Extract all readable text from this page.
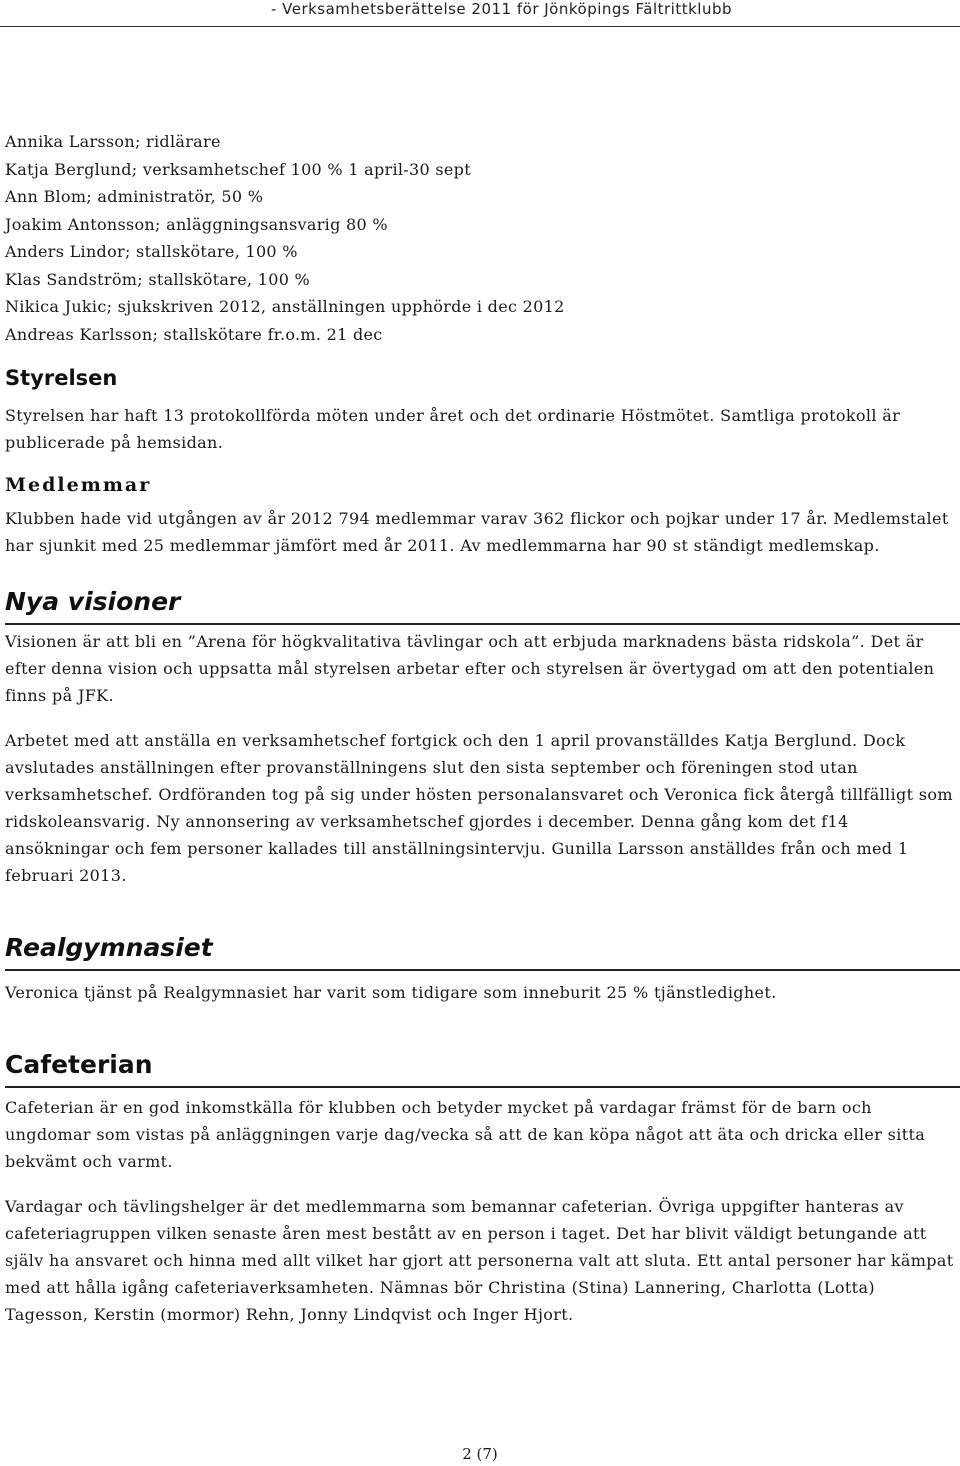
- Verksamhetsberättelse 2011 för Jönköpings Fältrittklubb
Annika Larsson; ridlärare
Katja Berglund; verksamhetschef 100 % 1 april-30 sept
Ann Blom; administratör, 50 %
Joakim Antonsson; anläggningsansvarig 80 %
Anders Lindor; stallskötare, 100 %
Klas Sandström; stallskötare, 100 %
Nikica Jukic; sjukskriven 2012, anställningen upphörde i dec 2012
Andreas Karlsson; stallskötare fr.o.m. 21 dec
Styrelsen

Styrelsen har haft 13 protokollförda möten under året och det ordinarie Höstmötet. Samtliga protokoll är publicerade på hemsidan.

Medlemmar

Klubben hade vid utgången av år 2012 794 medlemmar varav 362 flickor och pojkar under 17 år. Medlemstalet har sjunkit med 25 medlemmar jämfört med år 2011. Av medlemmarna har 90 st ständigt medlemskap.

Nya visioner

Visionen är att bli en ”Arena för högkvalitativa tävlingar och att erbjuda marknadens bästa ridskola”. Det är efter denna vision och uppsatta mål styrelsen arbetar efter och styrelsen är övertygad om att den potentialen finns på JFK.

Arbetet med att anställa en verksamhetschef fortgick och den 1 april provanställdes Katja Berglund. Dock avslutades anställningen efter provanställningens slut den sista september och föreningen stod utan verksamhetschef. Ordföranden tog på sig under hösten personalansvaret och Veronica fick återgå tillfälligt som ridskoleansvarig. Ny annonsering av verksamhetschef gjordes i december. Denna gång kom det f14 ansökningar och fem personer kallades till anställningsintervju. Gunilla Larsson anställdes från och med 1 februari 2013.

Realgymnasiet

Veronica tjänst på Realgymnasiet har varit som tidigare som inneburit 25 % tjänstledighet.

Cafeterian

Cafeterian är en god inkomstkälla för klubben och betyder mycket på vardagar främst för de barn och ungdomar som vistas på anläggningen varje dag/vecka så att de kan köpa något att äta och dricka eller sitta bekvämt och varmt.

Vardagar och tävlingshelger är det medlemmarna som bemannar cafeterian. Övriga uppgifter hanteras av cafeteriagruppen vilken senaste åren mest bestått av en person i taget. Det har blivit väldigt betungande att själv ha ansvaret och hinna med allt vilket har gjort att personerna valt att sluta. Ett antal personer har kämpat med att hålla igång cafeteriaverksamheten. Nämnas bör Christina (Stina) Lannering, Charlotta (Lotta) Tagesson, Kerstin (mormor) Rehn, Jonny Lindqvist och Inger Hjort.

2 (7)
